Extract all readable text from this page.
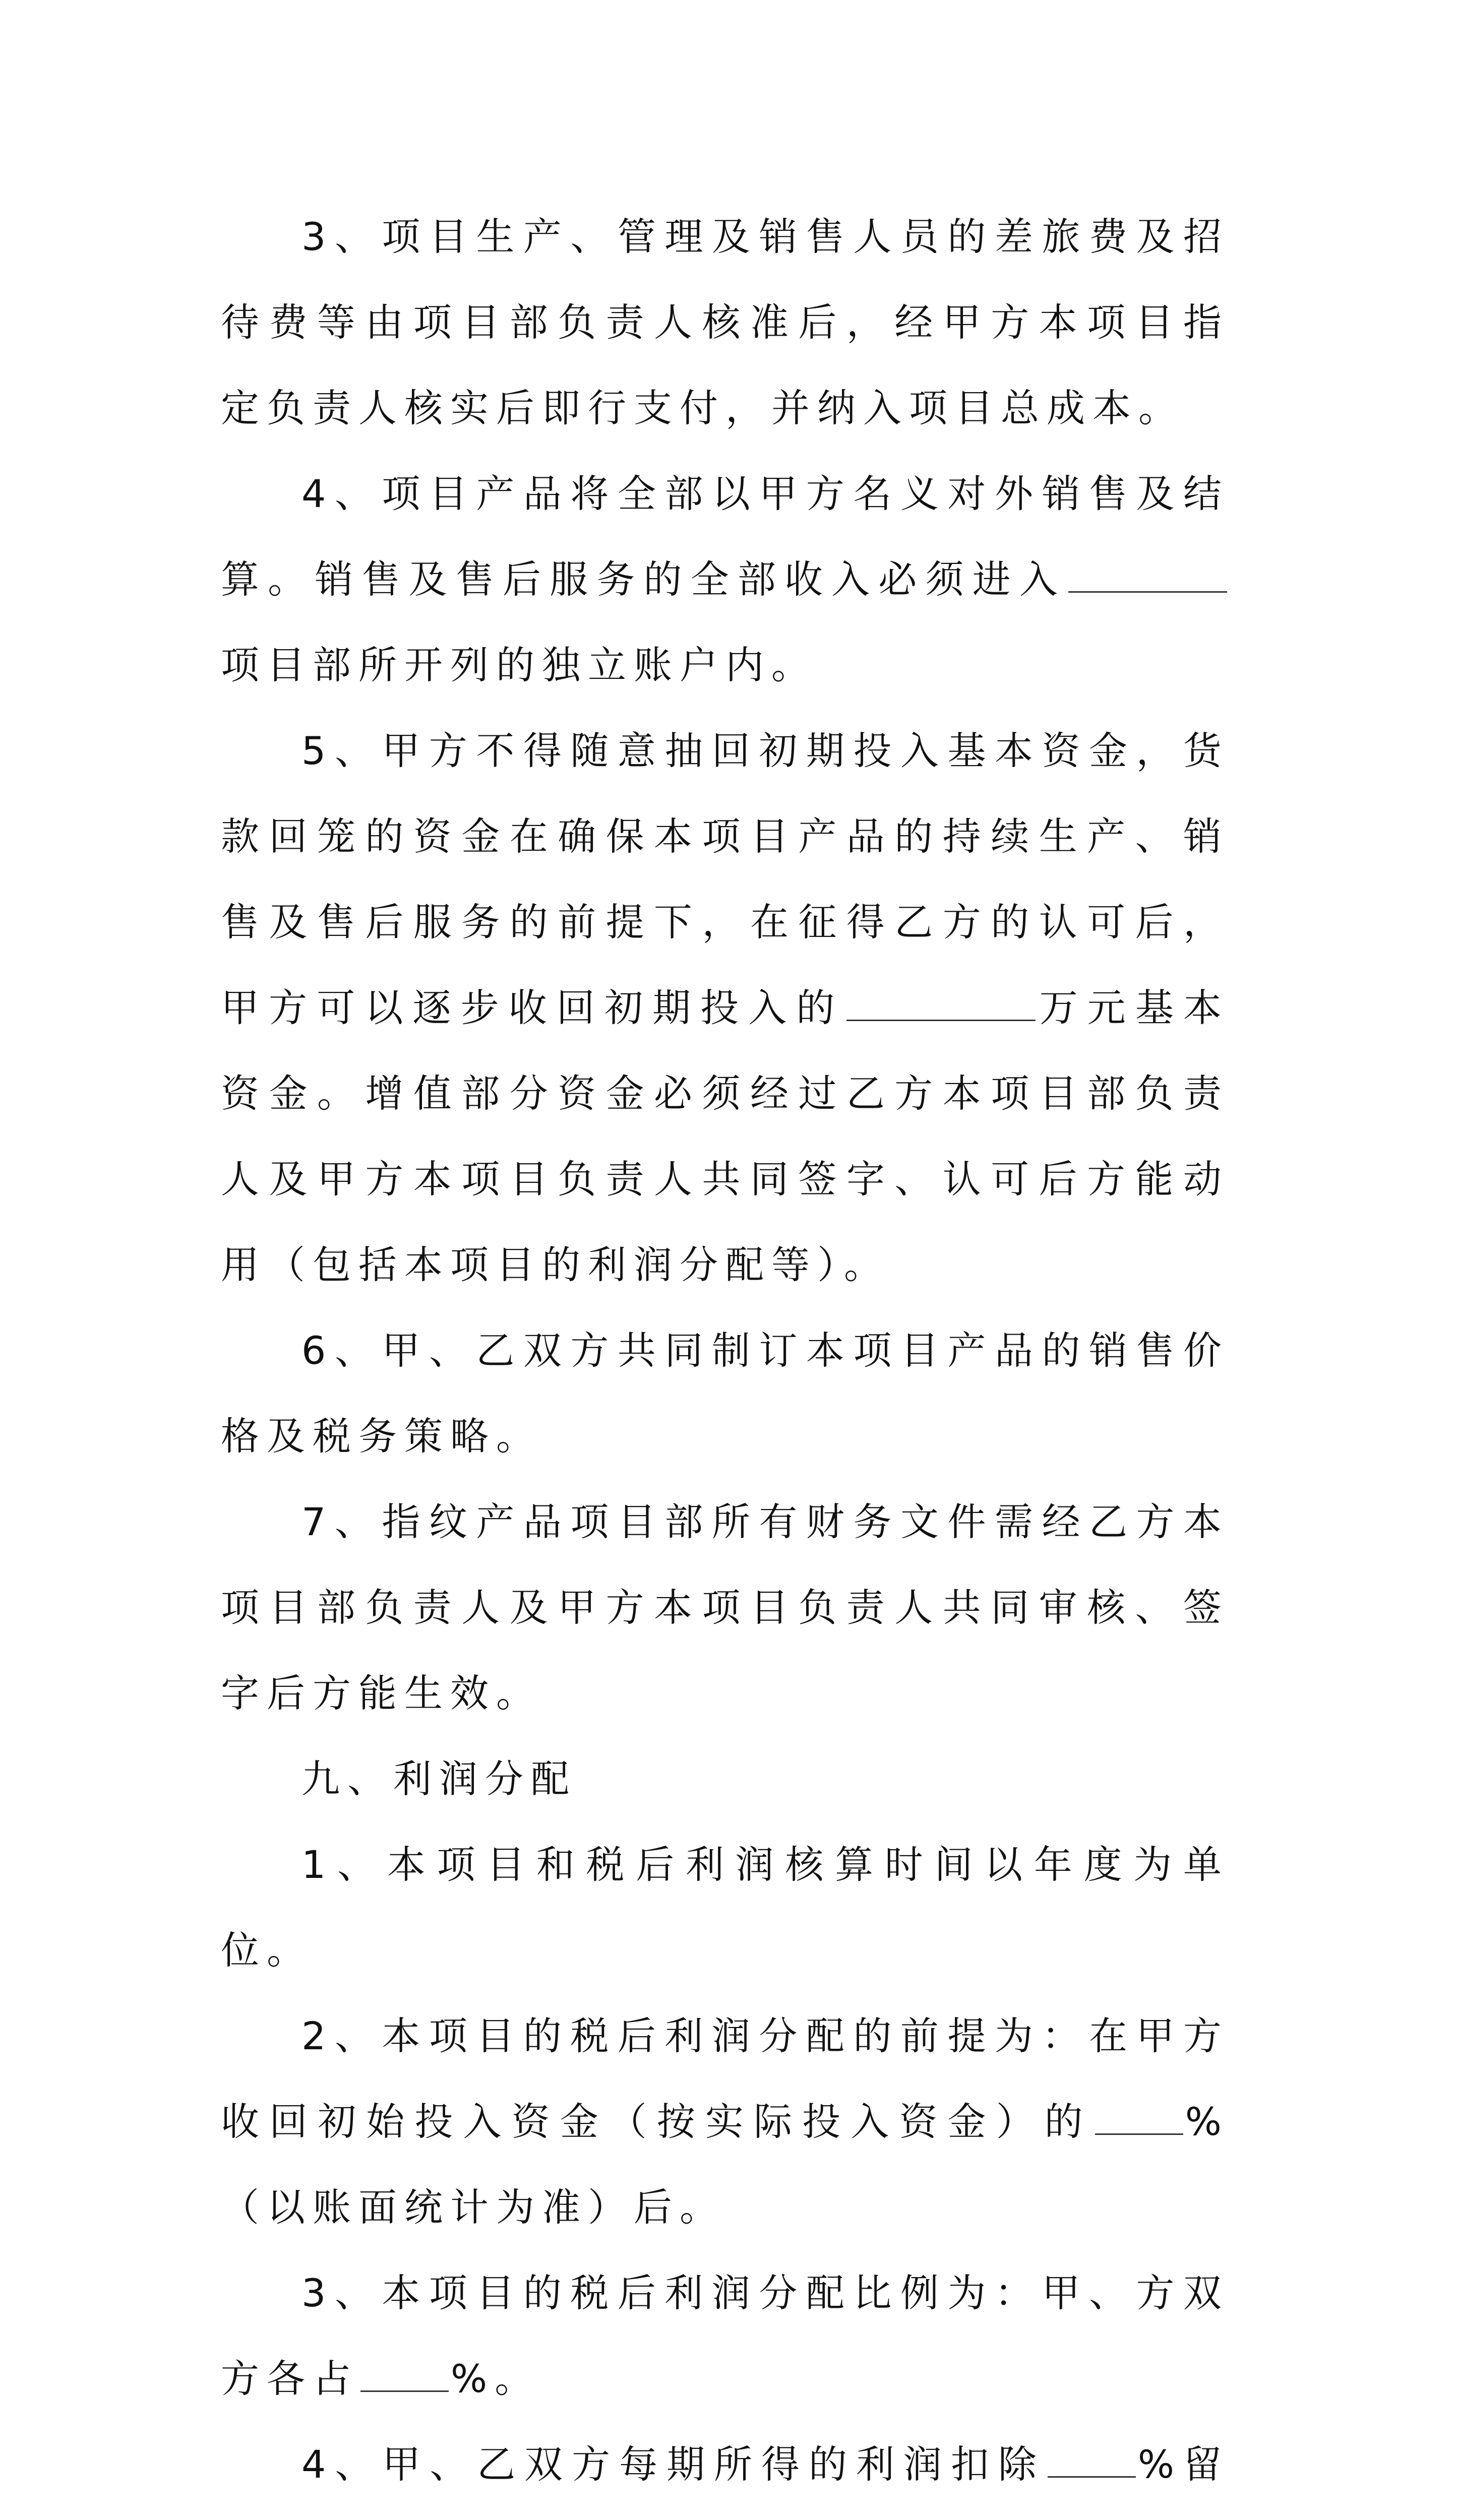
3、项目生产、管理及销售人员的差旅费及招待费等由项目部负责人核准后，经甲方本项目指定负责人核实后即行支付，并纳入项目总成本。

4、项目产品将全部以甲方名义对外销售及结算。销售及售后服务的全部收入必须进入项目部所开列的独立账户内。

5、甲方不得随意抽回初期投入基本资金，货款回笼的资金在确保本项目产品的持续生产、销售及售后服务的前提下，在征得乙方的认可后，甲方可以逐步收回初期投入的	万元基本资金。增值部分资金必须经过乙方本项目部负责人及甲方本项目负责人共同签字、认可后方能动用（包括本项目的利润分配等）。

6、甲、乙双方共同制订本项目产品的销售价格及税务策略。

7、指纹产品项目部所有财务文件需经乙方本项目部负责人及甲方本项目负责人共同审核、签字后方能生效。

九、利润分配

1、本项目和税后利润核算时间以年度为单位。

2、本项目的税后利润分配的前提为：在甲方收回初始投入资金（按实际投入资金）的 %（以账面统计为准）后。

3、本项目的税后利润分配比例为：甲、方双方各占 %。

4、甲、乙双方每期所得的利润扣除 %留
